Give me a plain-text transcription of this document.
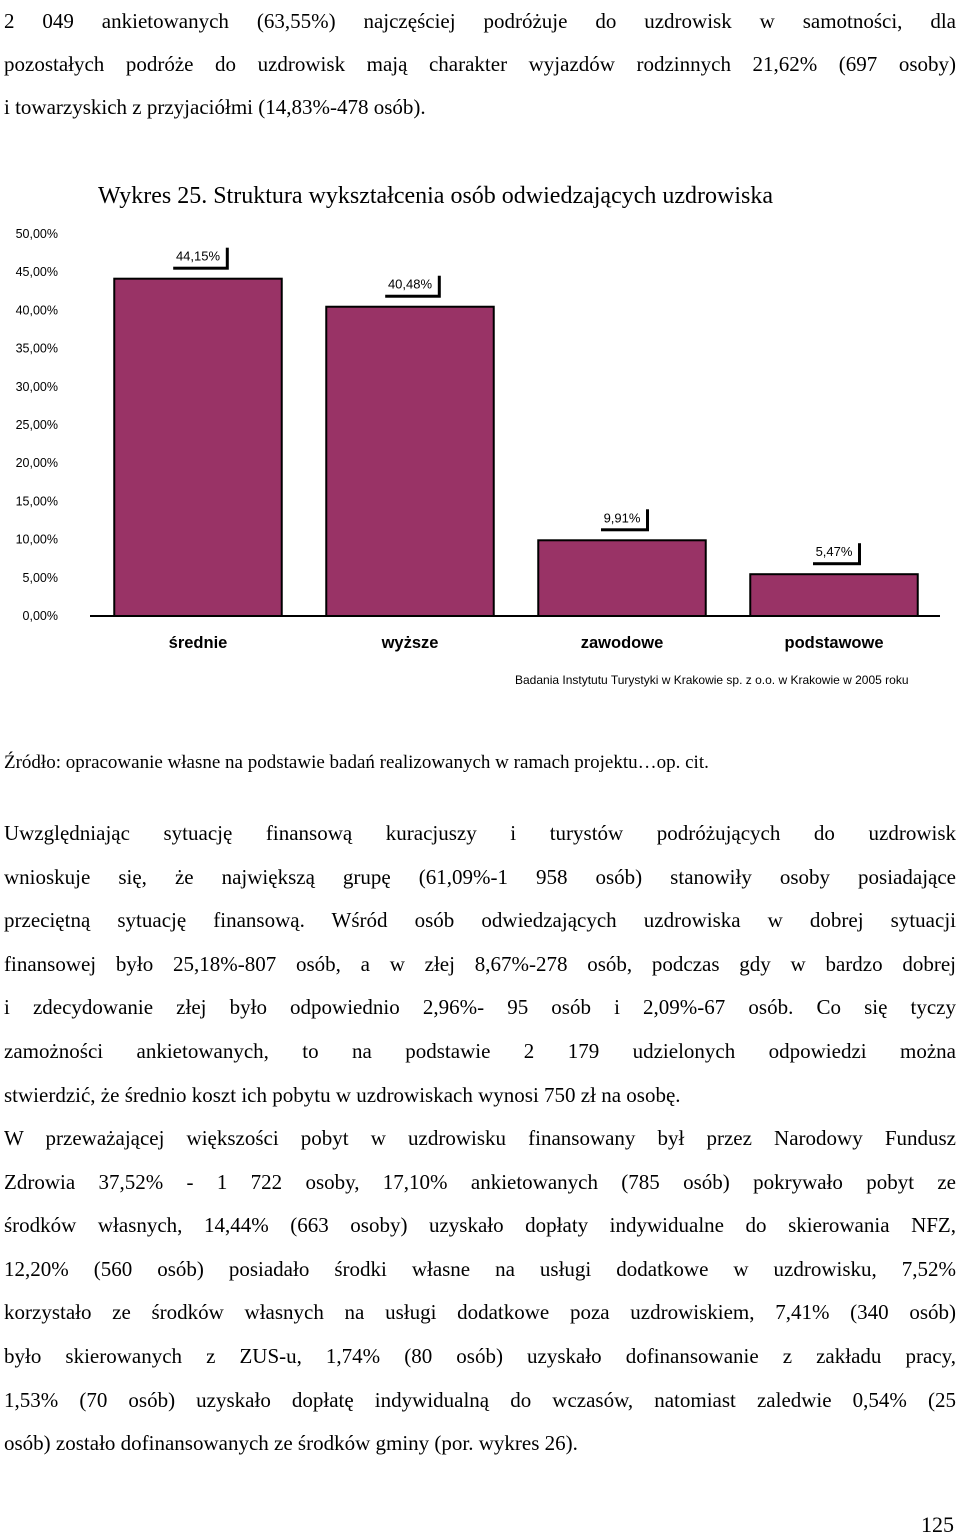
2 049 ankietowanych (63,55%) najczęściej podróżuje do uzdrowisk w samotności, dla
pozostałych podróże do uzdrowisk mają charakter wyjazdów rodzinnych 21,62% (697 osoby)
i towarzyskich z przyjaciółmi (14,83%-478 osób).
Wykres 25. Struktura wykształcenia osób odwiedzających uzdrowiska
0,00%
5,00%
10,00%
15,00%
20,00%
25,00%
30,00%
35,00%
40,00%
45,00%
50,00%
44,15%
40,48%
9,91%
5,47%
średnie	wyższe	zawodowe	podstawowe
Badania Instytutu Turystyki w Krakowie sp. z o.o. w Krakowie w 2005 roku
Źródło: opracowanie własne na podstawie badań realizowanych w ramach projektu…op. cit.
Uwzględniając sytuację finansową kuracjuszy i turystów podróżujących do uzdrowisk
wnioskuje się, że największą grupę (61,09%-1 958 osób) stanowiły osoby posiadające
przeciętną sytuację finansową. Wśród osób odwiedzających uzdrowiska w dobrej sytuacji
finansowej było 25,18%-807 osób, a w złej 8,67%-278 osób, podczas gdy w bardzo dobrej
i zdecydowanie złej było odpowiednio 2,96%- 95 osób i 2,09%-67 osób. Co się tyczy
zamożności ankietowanych, to na podstawie 2 179 udzielonych odpowiedzi można
stwierdzić, że średnio koszt ich pobytu w uzdrowiskach wynosi 750 zł na osobę.
W przeważającej większości pobyt w uzdrowisku finansowany był przez Narodowy Fundusz
Zdrowia 37,52% - 1 722 osoby, 17,10% ankietowanych (785 osób) pokrywało pobyt ze
środków własnych, 14,44% (663 osoby) uzyskało dopłaty indywidualne do skierowania NFZ,
12,20% (560 osób) posiadało środki własne na usługi dodatkowe w uzdrowisku, 7,52%
korzystało ze środków własnych na usługi dodatkowe poza uzdrowiskiem, 7,41% (340 osób)
było skierowanych z ZUS-u, 1,74% (80 osób) uzyskało dofinansowanie z zakładu pracy,
1,53% (70 osób) uzyskało dopłatę indywidualną do wczasów, natomiast zaledwie 0,54% (25
osób) zostało dofinansowanych ze środków gminy (por. wykres 26).
125
